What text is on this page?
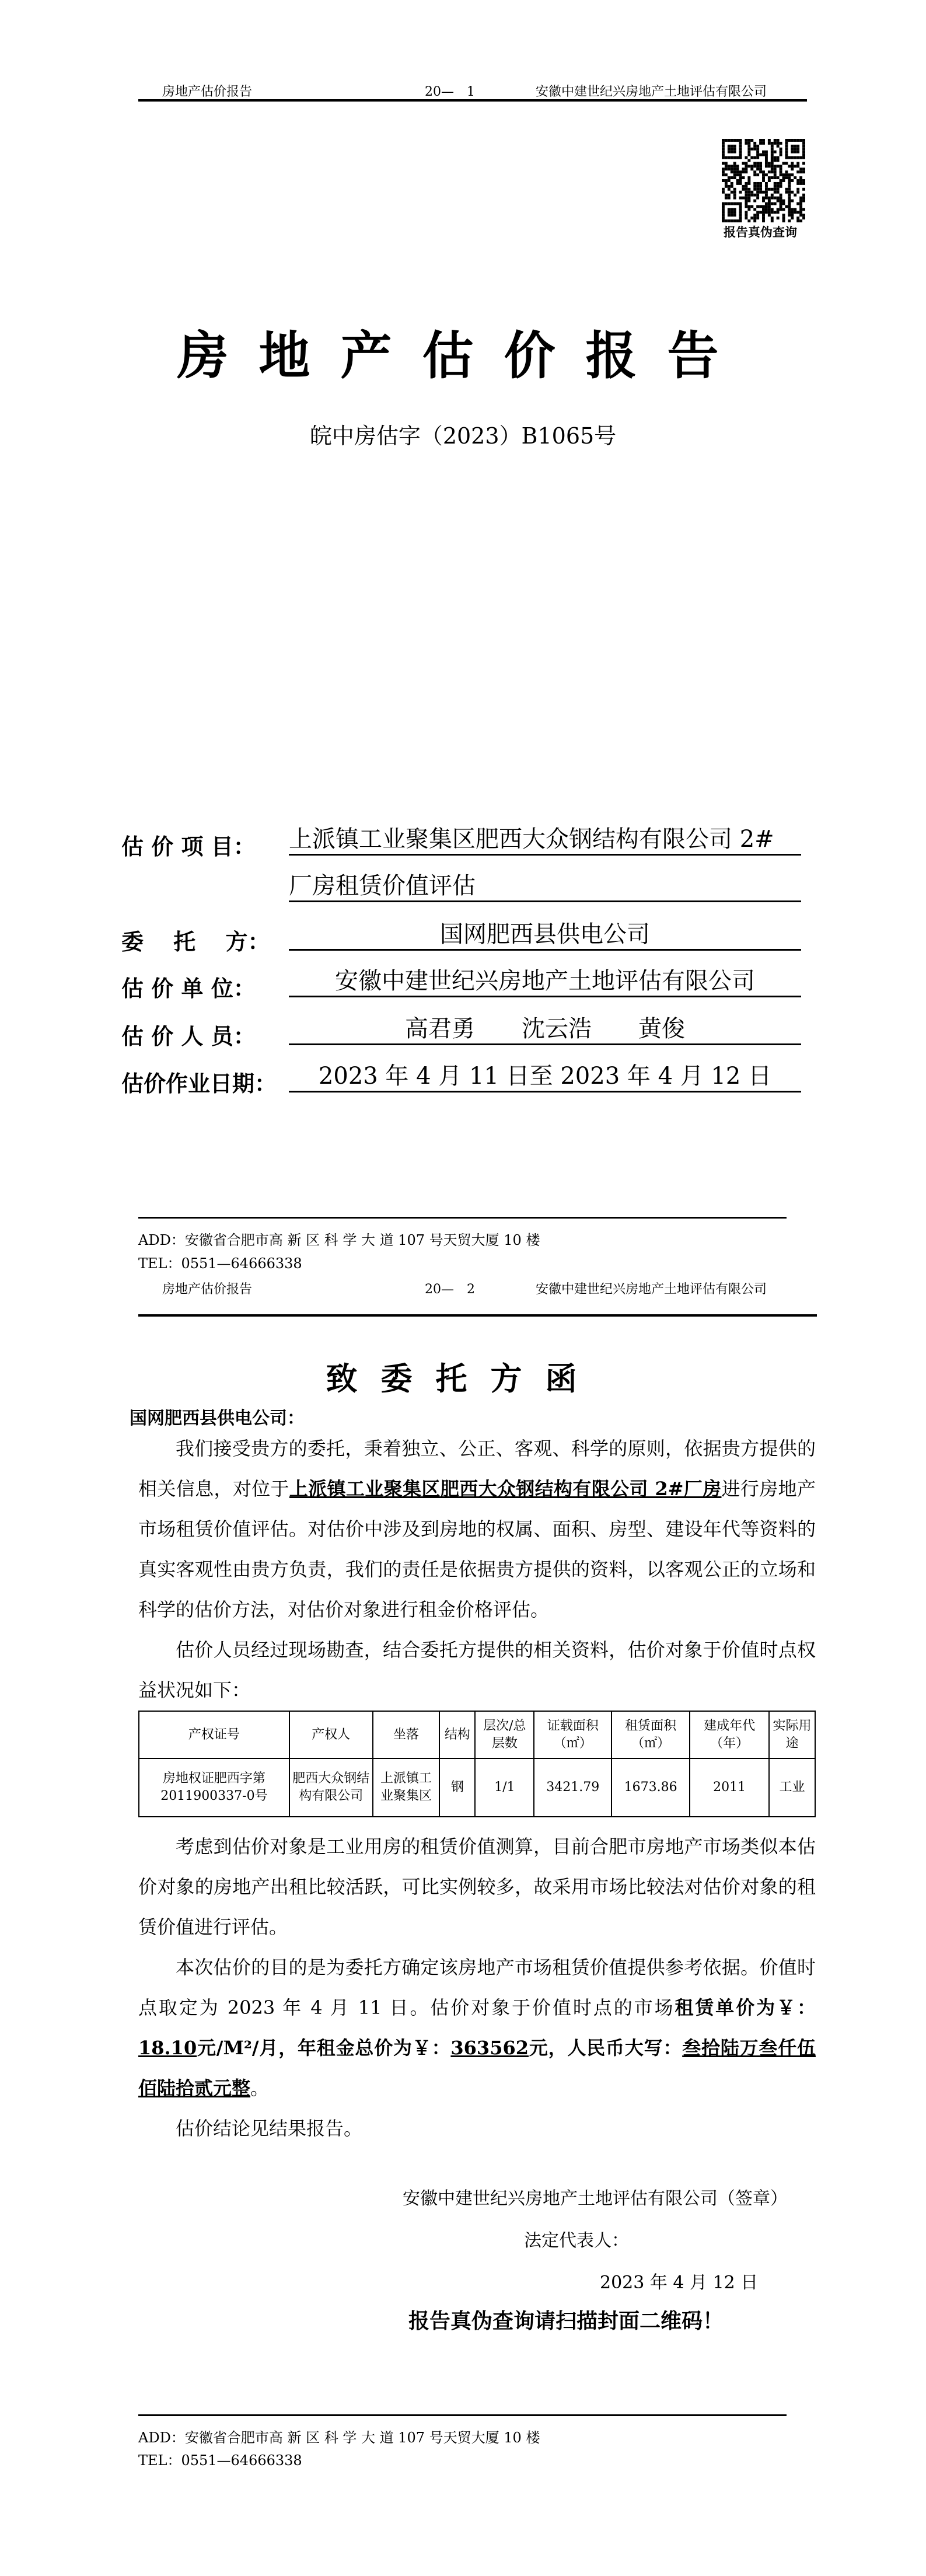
房地产估价报告	20—　1	安徽中建世纪兴房地产土地评估有限公司
报告真伪查询
房地产估价报告
皖中房估字（2023）B1065号
估 价 项 目： 上派镇工业聚集区肥西大众钢结构有限公司 2#
厂房租赁价值评估
委　 托　 方：	国网肥西县供电公司
估 价 单 位：	安徽中建世纪兴房地产土地评估有限公司
估 价 人 员：	高君勇　　沈云浩　　黄俊
估价作业日期：	2023 年 4 月 11 日至 2023 年 4 月 12 日
ADD：安徽省合肥市高 新 区 科 学 大 道 107 号天贸大厦 10 楼
TEL：0551—64666338
房地产估价报告	20—　2	安徽中建世纪兴房地产土地评估有限公司
致委托方函
国网肥西县供电公司：
我们接受贵方的委托，秉着独立、公正、客观、科学的原则，依据贵方提供的相关信息，对位于上派镇工业聚集区肥西大众钢结构有限公司 2#厂房进行房地产市场租赁价值评估。对估价中涉及到房地的权属、面积、房型、建设年代等资料的真实客观性由贵方负责，我们的责任是依据贵方提供的资料，以客观公正的立场和科学的估价方法，对估价对象进行租金价格评估。
估价人员经过现场勘查，结合委托方提供的相关资料，估价对象于价值时点权益状况如下：
产权证号	产权人	坐落	结构	层次/总层数	证载面积（㎡）	租赁面积（㎡）	建成年代（年）	实际用途
房地权证肥西字第2011900337-0号	肥西大众钢结构有限公司	上派镇工业聚集区	钢	1/1	3421.79	1673.86	2011	工业
考虑到估价对象是工业用房的租赁价值测算，目前合肥市房地产市场类似本估价对象的房地产出租比较活跃，可比实例较多，故采用市场比较法对估价对象的租赁价值进行评估。
本次估价的目的是为委托方确定该房地产市场租赁价值提供参考依据。价值时点取定为 2023 年 4 月 11 日。估价对象于价值时点的市场租赁单价为￥：18.10元/M²/月，年租金总价为￥：363562元，人民币大写：叁拾陆万叁仟伍佰陆拾贰元整。
估价结论见结果报告。
安徽中建世纪兴房地产土地评估有限公司（签章）
法定代表人：
2023 年 4 月 12 日
报告真伪查询请扫描封面二维码！
ADD：安徽省合肥市高 新 区 科 学 大 道 107 号天贸大厦 10 楼
TEL：0551—64666338
